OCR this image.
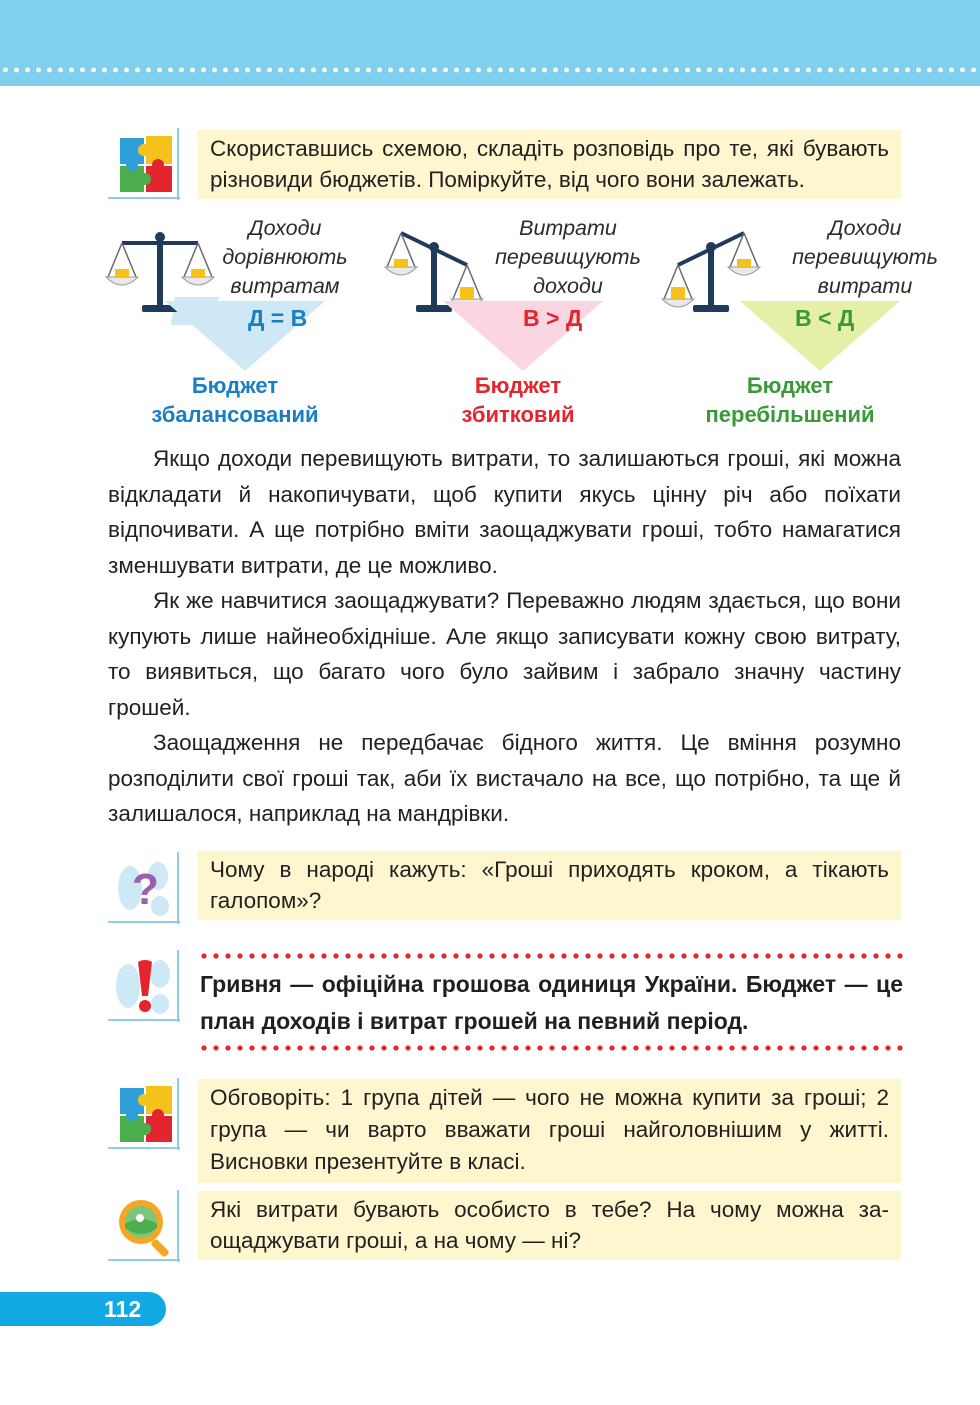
Скориставшись схемою, складіть розповідь про те, які бувають різновиди бюджетів. Поміркуйте, від чого вони залежать.
Доходи дорівнюють витратам
Д = В
Бюджет
збалансований
Витрати перевищують доходи
В > Д
Бюджет
збитковий
Доходи перевищують витрати
В < Д
Бюджет
перебільшений

Якщо доходи перевищують витрати, то залишаються гроші, які можна відкладати й накопичувати, щоб купити якусь цінну річ або поїхати відпочивати. А ще потрібно вміти заощаджувати гроші, тобто намагатися зменшувати витрати, де це можливо.

Як же навчитися заощаджувати? Переважно людям здається, що вони купують лише найнеобхідніше. Але якщо записувати кожну свою витрату, то виявиться, що багато чого було зайвим і забрало значну частину грошей.

Заощадження не передбачає бідного життя. Це вміння розумно розподілити свої гроші так, аби їх вистачало на все, що потрібно, та ще й залишалося, наприклад на мандрівки.

?	Чому в народі кажуть: «Гроші приходять кроком, а тікають галопом»?
Гривня — офіційна грошова одиниця України. Бюджет — це план доходів і витрат грошей на певний період.
Обговоріть: 1 група дітей — чого не можна купити за гроші; 2 група — чи варто вважати гроші найголовнішим у житті. Висновки презентуйте в класі.
Які витрати бувають особисто в тебе? На чому можна заощаджувати гроші, а на чому — ні?
112
